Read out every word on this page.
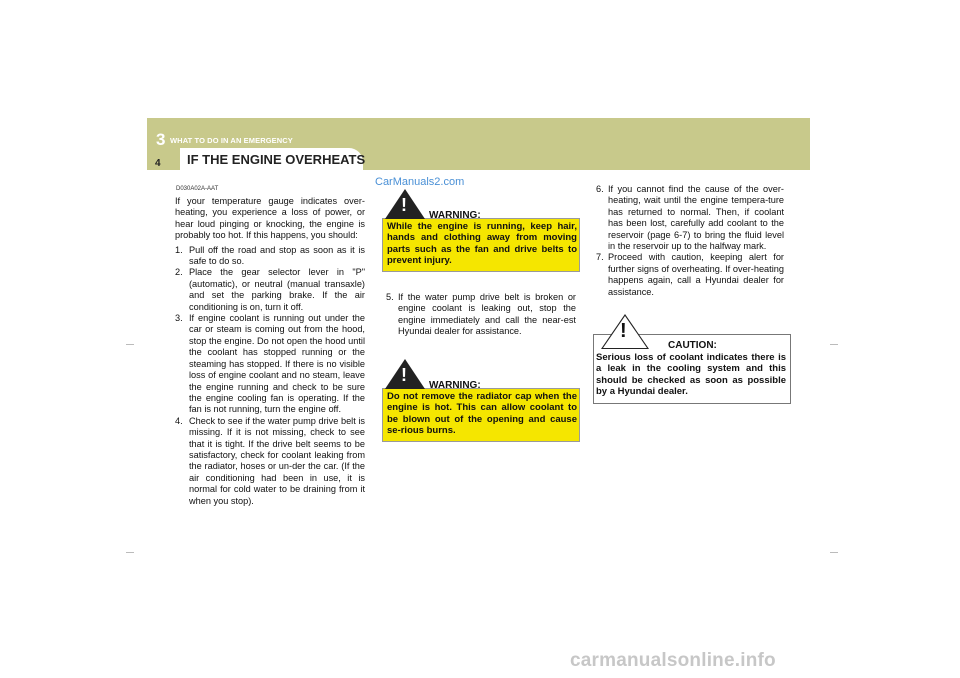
3 WHAT TO DO IN AN EMERGENCY
4 IF THE ENGINE OVERHEATS
D030A02A-AAT

If your temperature gauge indicates over-heating, you experience a loss of power, or hear loud pinging or knocking, the engine is probably too hot. If this happens, you should:

1. Pull off the road and stop as soon as it is safe to do so.
2. Place the gear selector lever in "P" (automatic), or neutral (manual transaxle) and set the parking brake. If the air conditioning is on, turn it off.
3. If engine coolant is running out under the car or steam is coming out from the hood, stop the engine. Do not open the hood until the coolant has stopped running or the steaming has stopped. If there is no visible loss of engine coolant and no steam, leave the engine running and check to be sure the engine cooling fan is operating. If the fan is not running, turn the engine off.
4. Check to see if the water pump drive belt is missing. If it is not missing, check to see that it is tight. If the drive belt seems to be satisfactory, check for coolant leaking from the radiator, hoses or un-der the car. (If the air conditioning had been in use, it is normal for cold water to be draining from it when you stop).
CarManuals2.com
!
WARNING:
While the engine is running, keep hair, hands and clothing away from moving parts such as the fan and drive belts to prevent injury.
5. If the water pump drive belt is broken or engine coolant is leaking out, stop the engine immediately and call the near-est Hyundai dealer for assistance.
!
WARNING:
Do not remove the radiator cap when the engine is hot. This can allow coolant to be blown out of the opening and cause se-rious burns.
6. If you cannot find the cause of the over-heating, wait until the engine tempera-ture has returned to normal. Then, if coolant has been lost, carefully add coolant to the reservoir (page 6-7) to bring the fluid level in the reservoir up to the halfway mark.
7. Proceed with caution, keeping alert for further signs of overheating. If over-heating happens again, call a Hyundai dealer for assistance.
!
CAUTION:
Serious loss of coolant indicates there is a leak in the cooling system and this should be checked as soon as possible by a Hyundai dealer.
carmanualsonline.info
